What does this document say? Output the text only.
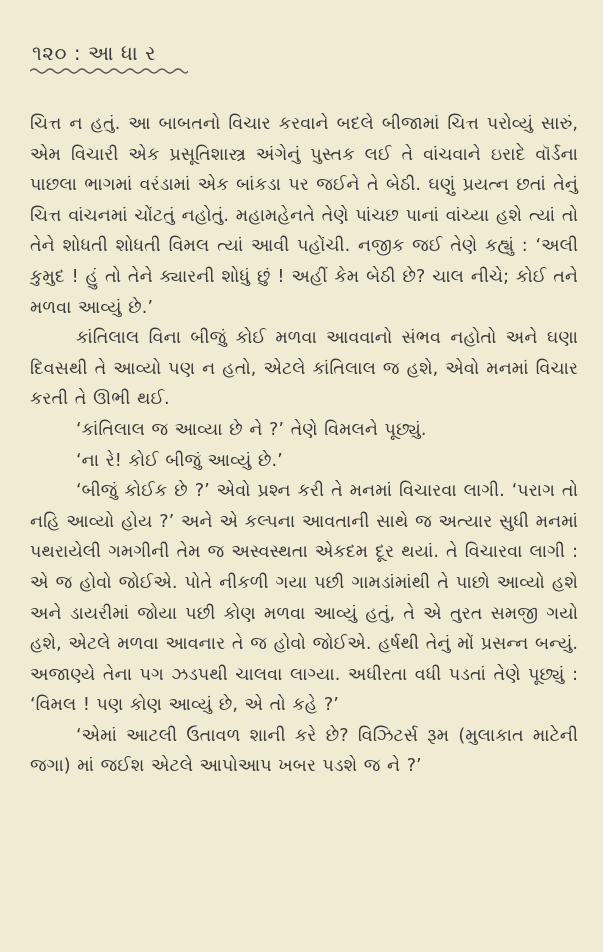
૧૨૦ : આ ધા ર

ચિત્ત ન હતું. આ બાબતનો વિચાર કરવાને બદલે બીજામાં ચિત્ત પરોવ્યું સારું, એમ વિચારી એક પ્રસૂતિશાસ્ત્ર અંગેનું પુસ્તક લઈ તે વાંચવાને ઇરાદે વૉર્ડના પાછલા ભાગમાં વરંડામાં એક બાંકડા પર જઈને તે બેઠી. ઘણું પ્રયત્ન છતાં તેનું ચિત્ત વાંચનમાં ચોંટતું નહોતું. મહામહેનતે તેણે પાંચછ પાનાં વાંચ્યા હશે ત્યાં તો તેને શોધતી શોધતી વિમલ ત્યાં આવી પહોંચી. નજીક જઈ તેણે કહ્યું : ‘અલી કુમુદ ! હું તો તેને ક્યારની શોધું છું ! અહીં કેમ બેઠી છે? ચાલ નીચે; કોઈ તને મળવા આવ્યું છે.’

કાંતિલાલ વિના બીજું કોઈ મળવા આવવાનો સંભવ નહોતો અને ઘણા દિવસથી તે આવ્યો પણ ન હતો, એટલે કાંતિલાલ જ હશે, એવો મનમાં વિચાર કરતી તે ઊભી થઈ.

‘કાંતિલાલ જ આવ્યા છે ને ?’ તેણે વિમલને પૂછ્યું.

‘ના રે! કોઈ બીજું આવ્યું છે.’

‘બીજું કોઈક છે ?’ એવો પ્રશ્ન કરી તે મનમાં વિચારવા લાગી. ‘પરાગ તો નહિ આવ્યો હોય ?’ અને એ કલ્પના આવતાની સાથે જ અત્યાર સુધી મનમાં પથરાયેલી ગમગીની તેમ જ અસ્વસ્થતા એકદમ દૂર થયાં. તે વિચારવા લાગી : એ જ હોવો જોઈએ. પોતે નીકળી ગયા પછી ગામડાંમાંથી તે પાછો આવ્યો હશે અને ડાયરીમાં જોયા પછી કોણ મળવા આવ્યું હતું, તે એ તુરત સમજી ગયો હશે, એટલે મળવા આવનાર તે જ હોવો જોઈએ. હર્ષથી તેનું મોં પ્રસન્ન બન્યું. અજાણ્યે તેના પગ ઝડપથી ચાલવા લાગ્યા. અધીરતા વધી પડતાં તેણે પૂછ્યું : ‘વિમલ ! પણ કોણ આવ્યું છે, એ તો કહે ?’

‘એમાં આટલી ઉતાવળ શાની કરે છે? વિઝિટર્સ રૂમ (મુલાકાત માટેની જગા) માં જઈશ એટલે આપોઆપ ખબર પડશે જ ને ?’
